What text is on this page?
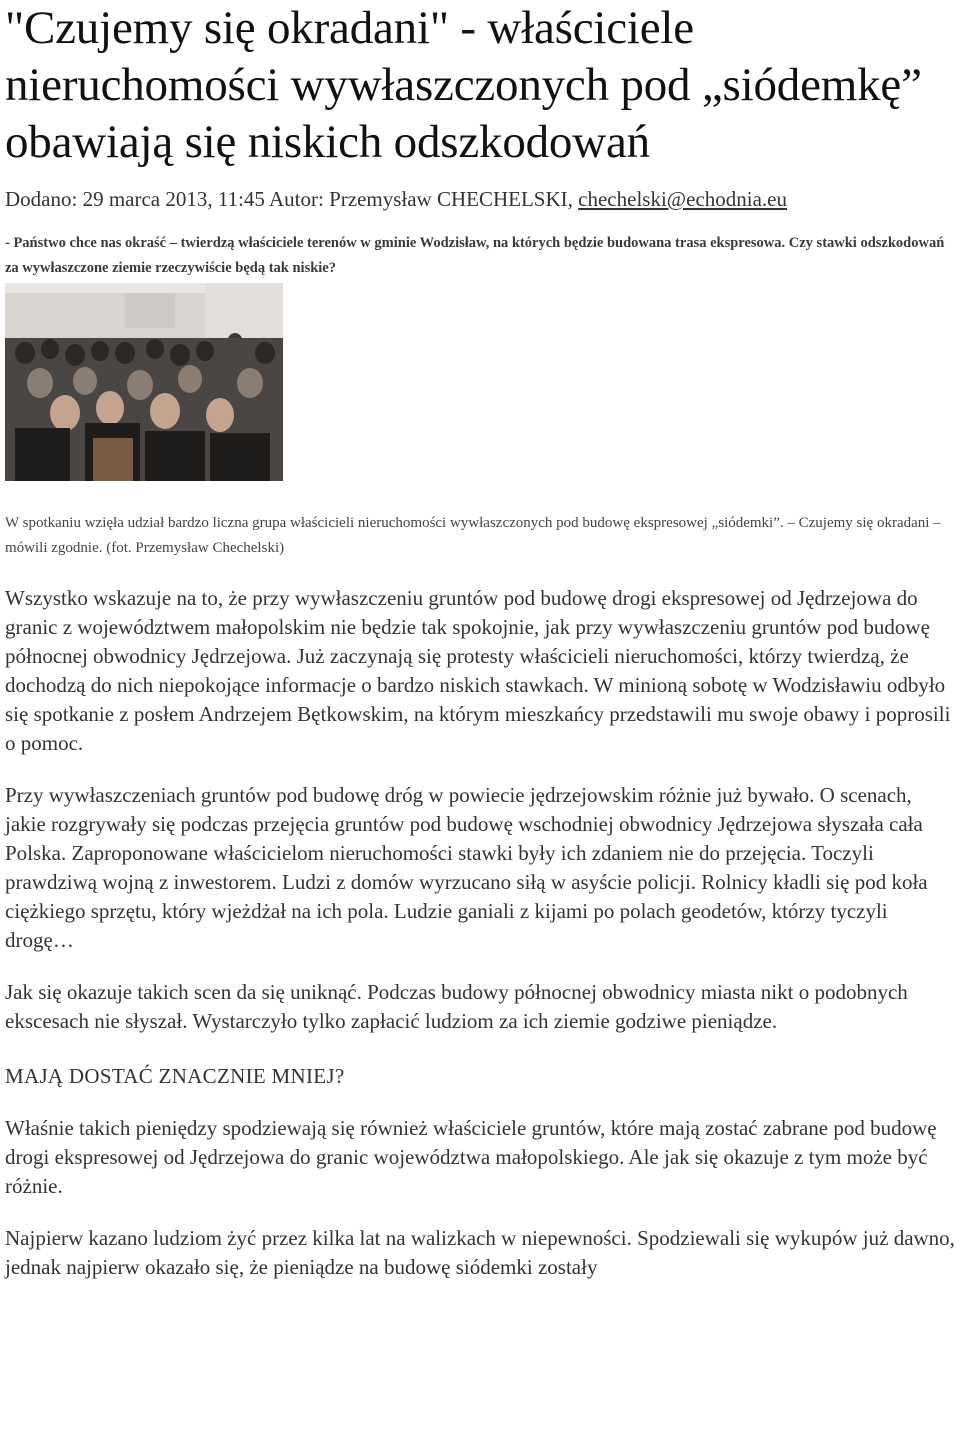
"Czujemy się okradani" - właściciele nieruchomości wywłaszczonych pod „siódemkę” obawiają się niskich odszkodowań
Dodano: 29 marca 2013, 11:45 Autor: Przemysław CHECHELSKI, chechelski@echodnia.eu
- Państwo chce nas okraść – twierdzą właściciele terenów w gminie Wodzisław, na których będzie budowana trasa ekspresowa. Czy stawki odszkodowań za wywłaszczone ziemie rzeczywiście będą tak niskie?
W spotkaniu wzięła udział bardzo liczna grupa właścicieli nieruchomości wywłaszczonych pod budowę ekspresowej „siódemki”. – Czujemy się okradani – mówili zgodnie. (fot. Przemysław Chechelski)
Wszystko wskazuje na to, że przy wywłaszczeniu gruntów pod budowę drogi ekspresowej od Jędrzejowa do granic z województwem małopolskim nie będzie tak spokojnie, jak przy wywłaszczeniu gruntów pod budowę północnej obwodnicy Jędrzejowa. Już zaczynają się protesty właścicieli nieruchomości, którzy twierdzą, że dochodzą do nich niepokojące informacje o bardzo niskich stawkach. W minioną sobotę w Wodzisławiu odbyło się spotkanie z posłem Andrzejem Bętkowskim, na którym mieszkańcy przedstawili mu swoje obawy i poprosili o pomoc.
Przy wywłaszczeniach gruntów pod budowę dróg w powiecie jędrzejowskim różnie już bywało. O scenach, jakie rozgrywały się podczas przejęcia gruntów pod budowę wschodniej obwodnicy Jędrzejowa słyszała cała Polska. Zaproponowane właścicielom nieruchomości stawki były ich zdaniem nie do przejęcia. Toczyli prawdziwą wojną z inwestorem. Ludzi z domów wyrzucano siłą w asyście policji. Rolnicy kładli się pod koła ciężkiego sprzętu, który wjeżdżał na ich pola. Ludzie ganiali z kijami po polach geodetów, którzy tyczyli drogę…
Jak się okazuje takich scen da się uniknąć. Podczas budowy północnej obwodnicy miasta nikt o podobnych ekscesach nie słyszał. Wystarczyło tylko zapłacić ludziom za ich ziemie godziwe pieniądze.
MAJĄ DOSTAĆ ZNACZNIE MNIEJ?
Właśnie takich pieniędzy spodziewają się również właściciele gruntów, które mają zostać zabrane pod budowę drogi ekspresowej od Jędrzejowa do granic województwa małopolskiego. Ale jak się okazuje z tym może być różnie.
Najpierw kazano ludziom żyć przez kilka lat na walizkach w niepewności. Spodziewali się wykupów już dawno, jednak najpierw okazało się, że pieniądze na budowę siódemki zostały
